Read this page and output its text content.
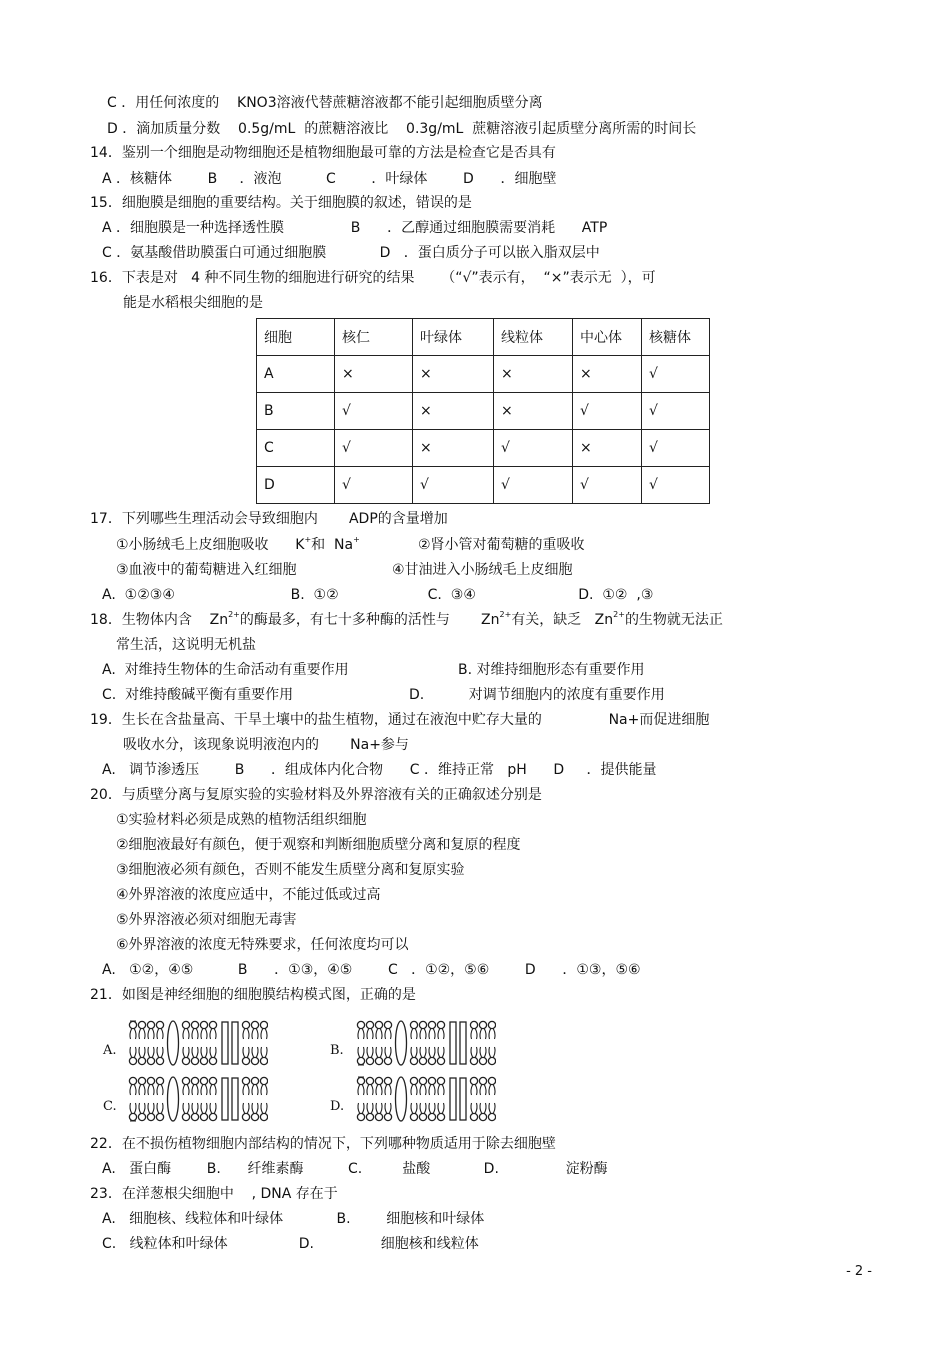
C ．用任何浓度的    KNO3溶液代替蔗糖溶液都不能引起细胞质壁分离
D ．滴加质量分数    0.5g/mL  的蔗糖溶液比    0.3g/mL  蔗糖溶液引起质壁分离所需的时间长
14．鉴别一个细胞是动物细胞还是植物细胞最可靠的方法是检查它是否具有
A ．核糖体        B     ．液泡          C        ．叶绿体        D      ．细胞壁
15．细胞膜是细胞的重要结构。关于细胞膜的叙述，错误的是
A ．细胞膜是一种选择透性膜               B      ．乙醇通过细胞膜需要消耗      ATP
C ．氨基酸借助膜蛋白可通过细胞膜            D   ．蛋白质分子可以嵌入脂双层中
16．下表是对   4 种不同生物的细胞进行研究的结果      （“√”表示有，  “×”表示无  ），可
能是水稻根尖细胞的是
细胞	核仁	叶绿体	线粒体	中心体	核糖体
A	×	×	×	×	√
B	√	×	×	√	√
C	√	×	√	×	√
D	√	√	√	√	√
17．下列哪些生理活动会导致细胞内       ADP的含量增加
①小肠绒毛上皮细胞吸收      K+和  Na+	②肾小管对葡萄糖的重吸收
③血液中的葡萄糖进入红细胞	④甘油进入小肠绒毛上皮细胞
A.  ①②③④                          B.  ①②                    C.  ③④                       D.  ①②  ,③
18．生物体内含    $Zn^{2+}$的酶最多，有七十多种酶的活性与 $Zn^{2+}$有关，缺乏 $Zn^{2+}$的生物就无法正
常生活，这说明无机盐
A.  对维持生物体的生命活动有重要作用	B. 对维持细胞形态有重要作用
C.  对维持酸碱平衡有重要作用	D.          对调节细胞内的浓度有重要作用
19．生长在含盐量高、干旱土壤中的盐生植物，通过在液泡中贮存大量的               Na+而促进细胞
吸收水分，该现象说明液泡内的       Na+参与
A.   调节渗透压        B      ．组成体内化合物      C ．维持正常   pH      D     ．提供能量
20．与质壁分离与复原实验的实验材料及外界溶液有关的正确叙述分别是
①实验材料必须是成熟的植物活组织细胞
②细胞液最好有颜色，便于观察和判断细胞质壁分离和复原的程度
③细胞液必须有颜色，否则不能发生质壁分离和复原实验
④外界溶液的浓度应适中，不能过低或过高
⑤外界溶液必须对细胞无毒害
⑥外界溶液的浓度无特殊要求，任何浓度均可以
A.   ①②，④⑤          B      ．①③，④⑤        C   ．①②，⑤⑥        D      ．①③，⑤⑥
21．如图是神经细胞的细胞膜结构模式图，正确的是
A.	B.
C.	D.
22．在不损伤植物细胞内部结构的情况下，下列哪种物质适用于除去细胞壁
A.   蛋白酶        B.      纤维素酶          C.         盐酸            D.               淀粉酶
23．在洋葱根尖细胞中    , DNA 存在于
A.   细胞核、线粒体和叶绿体            B.        细胞核和叶绿体
C.   线粒体和叶绿体                D.               细胞核和线粒体
- 2 -
